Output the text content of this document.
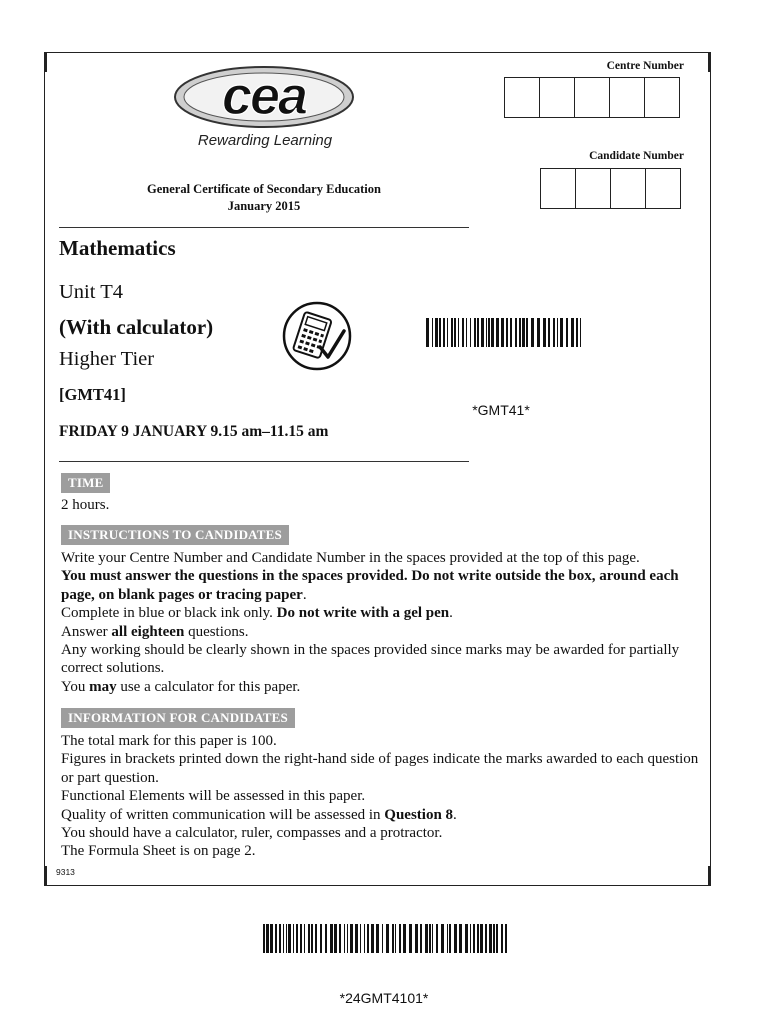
cea
Rewarding Learning
General Certificate of Secondary Education
January 2015
Centre Number
Candidate Number
Mathematics
Unit T4
(With calculator)
Higher Tier
[GMT41]
FRIDAY 9 JANUARY 9.15 am–11.15 am
*GMT41*
TIME
2 hours.
INSTRUCTIONS TO CANDIDATES

Write your Centre Number and Candidate Number in the spaces provided at the top of this page.

You must answer the questions in the spaces provided. Do not write outside the box, around each page, on blank pages or tracing paper.

Complete in blue or black ink only. Do not write with a gel pen.

Answer all eighteen questions.

Any working should be clearly shown in the spaces provided since marks may be awarded for partially correct solutions.

You may use a calculator for this paper.

INFORMATION FOR CANDIDATES

The total mark for this paper is 100.

Figures in brackets printed down the right-hand side of pages indicate the marks awarded to each question or part question.

Functional Elements will be assessed in this paper.

Quality of written communication will be assessed in Question 8.

You should have a calculator, ruler, compasses and a protractor.

The Formula Sheet is on page 2.

9313
*24GMT4101*
